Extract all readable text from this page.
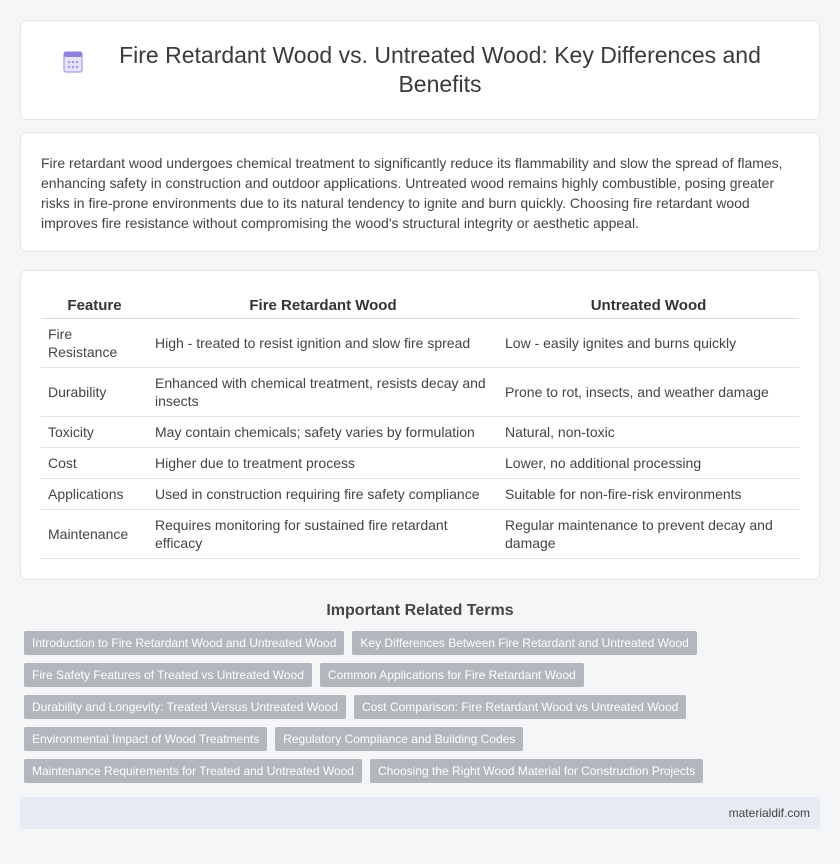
Fire Retardant Wood vs. Untreated Wood: Key Differences and Benefits

Fire retardant wood undergoes chemical treatment to significantly reduce its flammability and slow the spread of flames, enhancing safety in construction and outdoor applications. Untreated wood remains highly combustible, posing greater risks in fire-prone environments due to its natural tendency to ignite and burn quickly. Choosing fire retardant wood improves fire resistance without compromising the wood's structural integrity or aesthetic appeal.

Feature	Fire Retardant Wood	Untreated Wood
Fire Resistance	High - treated to resist ignition and slow fire spread	Low - easily ignites and burns quickly
Durability	Enhanced with chemical treatment, resists decay and insects	Prone to rot, insects, and weather damage
Toxicity	May contain chemicals; safety varies by formulation	Natural, non-toxic
Cost	Higher due to treatment process	Lower, no additional processing
Applications	Used in construction requiring fire safety compliance	Suitable for non-fire-risk environments
Maintenance	Requires monitoring for sustained fire retardant efficacy	Regular maintenance to prevent decay and damage
Important Related Terms
Introduction to Fire Retardant Wood and Untreated Wood	Key Differences Between Fire Retardant and Untreated Wood
Fire Safety Features of Treated vs Untreated Wood	Common Applications for Fire Retardant Wood
Durability and Longevity: Treated Versus Untreated Wood	Cost Comparison: Fire Retardant Wood vs Untreated Wood
Environmental Impact of Wood Treatments	Regulatory Compliance and Building Codes
Maintenance Requirements for Treated and Untreated Wood	Choosing the Right Wood Material for Construction Projects
materialdif.com
